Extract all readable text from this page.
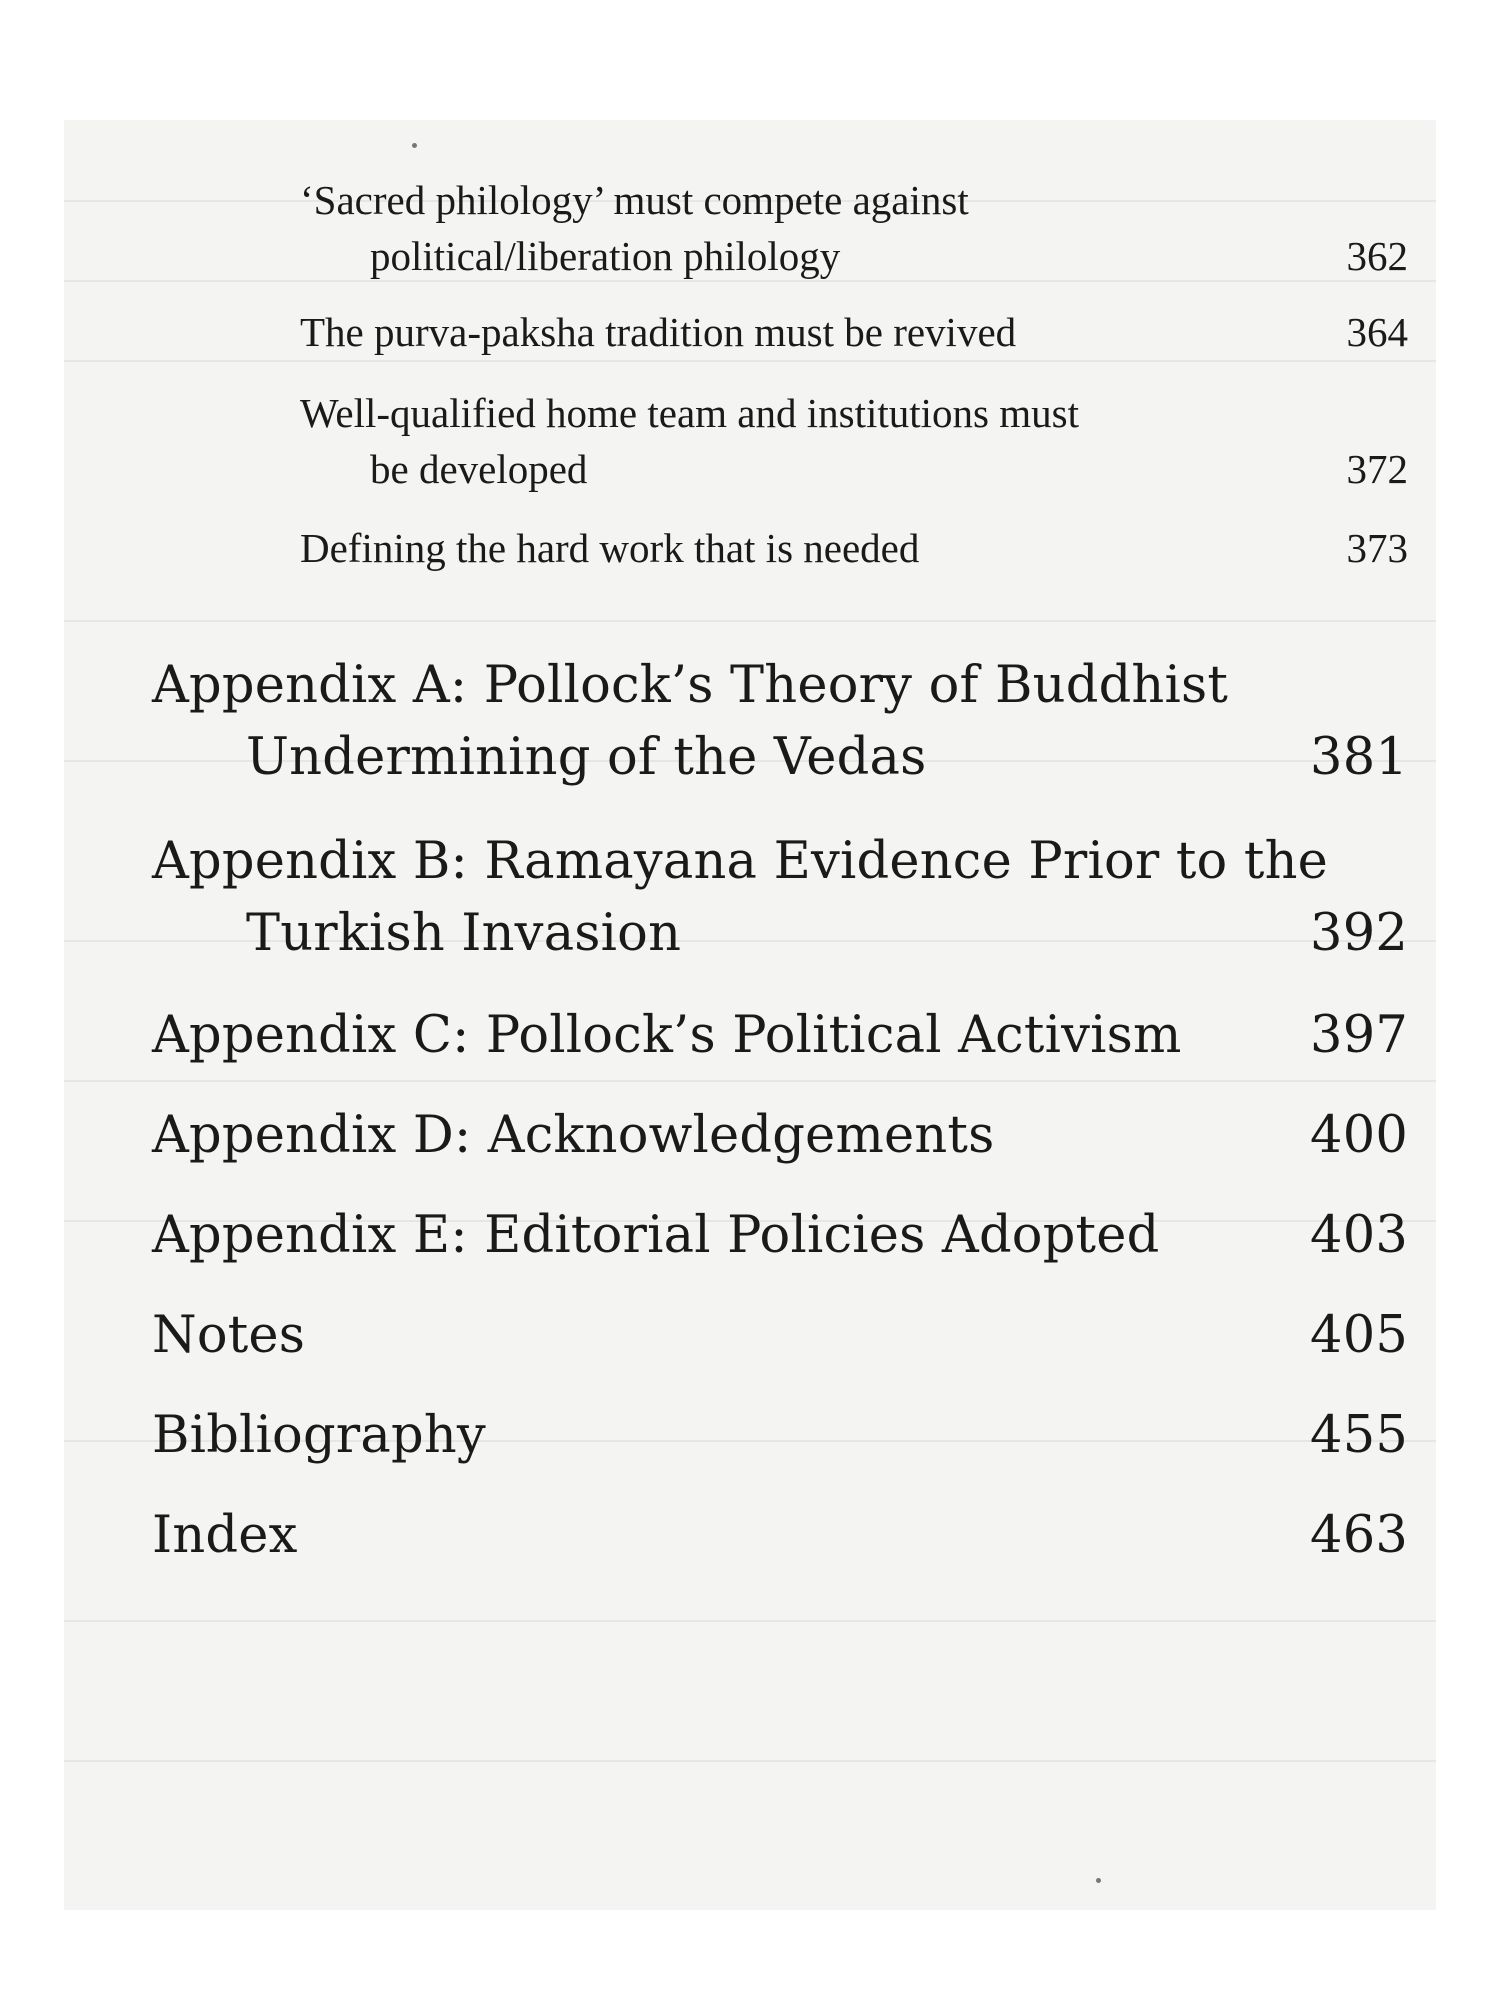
‘Sacred philology’ must compete against
political/liberation philology	362
The purva-paksha tradition must be revived	364
Well-qualified home team and institutions must
be developed	372
Defining the hard work that is needed	373
Appendix A: Pollock’s Theory of Buddhist
Undermining of the Vedas	381
Appendix B: Ramayana Evidence Prior to the
Turkish Invasion	392
Appendix C: Pollock’s Political Activism	397
Appendix D: Acknowledgements	400
Appendix E: Editorial Policies Adopted	403
Notes	405
Bibliography	455
Index	463
